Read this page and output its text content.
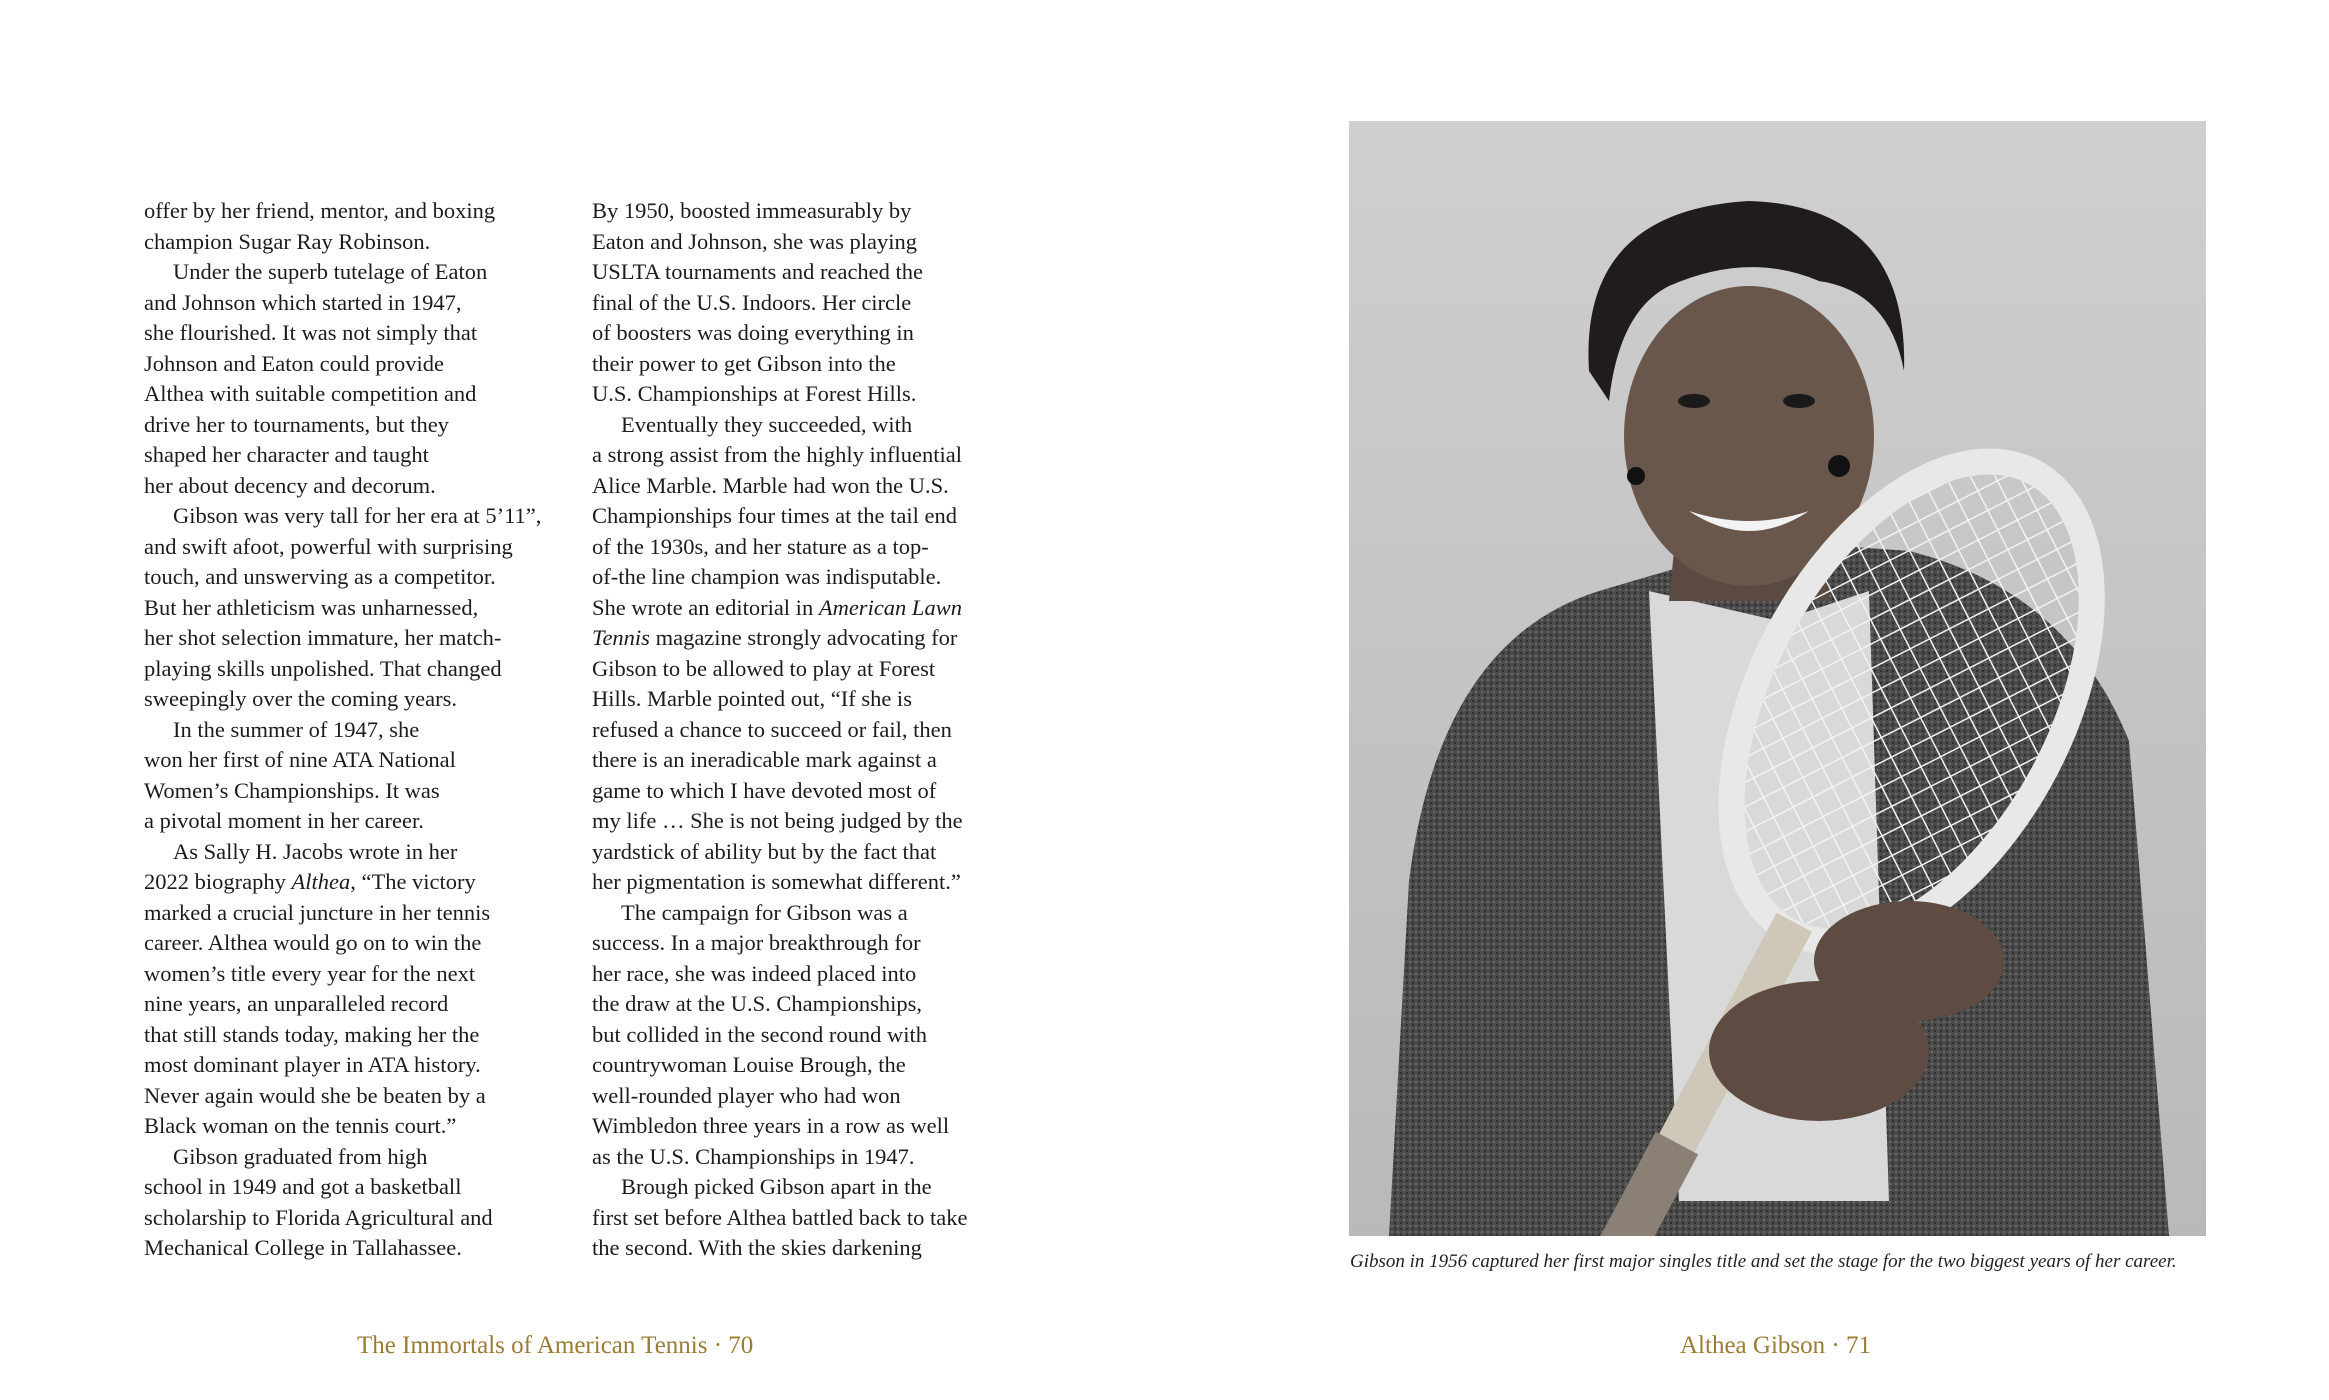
offer by her friend, mentor, and boxing

champion Sugar Ray Robinson.

Under the superb tutelage of Eaton

and Johnson which started in 1947,

she flourished. It was not simply that

Johnson and Eaton could provide

Althea with suitable competition and

drive her to tournaments, but they

shaped her character and taught

her about decency and decorum.

Gibson was very tall for her era at 5’11”,

and swift afoot, powerful with surprising

touch, and unswerving as a competitor.

But her athleticism was unharnessed,

her shot selection immature, her match-

playing skills unpolished. That changed

sweepingly over the coming years.

In the summer of 1947, she

won her first of nine ATA National

Women’s Championships. It was

a pivotal moment in her career.

As Sally H. Jacobs wrote in her

2022 biography Althea, “The victory

marked a crucial juncture in her tennis

career. Althea would go on to win the

women’s title every year for the next

nine years, an unparalleled record

that still stands today, making her the

most dominant player in ATA history.

Never again would she be beaten by a

Black woman on the tennis court.”

Gibson graduated from high

school in 1949 and got a basketball

scholarship to Florida Agricultural and

Mechanical College in Tallahassee.

By 1950, boosted immeasurably by

Eaton and Johnson, she was playing

USLTA tournaments and reached the

final of the U.S. Indoors. Her circle

of boosters was doing everything in

their power to get Gibson into the

U.S. Championships at Forest Hills.

Eventually they succeeded, with

a strong assist from the highly influential

Alice Marble. Marble had won the U.S.

Championships four times at the tail end

of the 1930s, and her stature as a top-

of-the line champion was indisputable.

She wrote an editorial in American Lawn

Tennis magazine strongly advocating for

Gibson to be allowed to play at Forest

Hills. Marble pointed out, “If she is

refused a chance to succeed or fail, then

there is an ineradicable mark against a

game to which I have devoted most of

my life … She is not being judged by the

yardstick of ability but by the fact that

her pigmentation is somewhat different.”

The campaign for Gibson was a

success. In a major breakthrough for

her race, she was indeed placed into

the draw at the U.S. Championships,

but collided in the second round with

countrywoman Louise Brough, the

well-rounded player who had won

Wimbledon three years in a row as well

as the U.S. Championships in 1947.

Brough picked Gibson apart in the

first set before Althea battled back to take

the second. With the skies darkening

The Immortals of American Tennis · 70

Gibson in 1956 captured her first major singles title and set the stage for the two biggest years of her career.

Althea Gibson · 71
